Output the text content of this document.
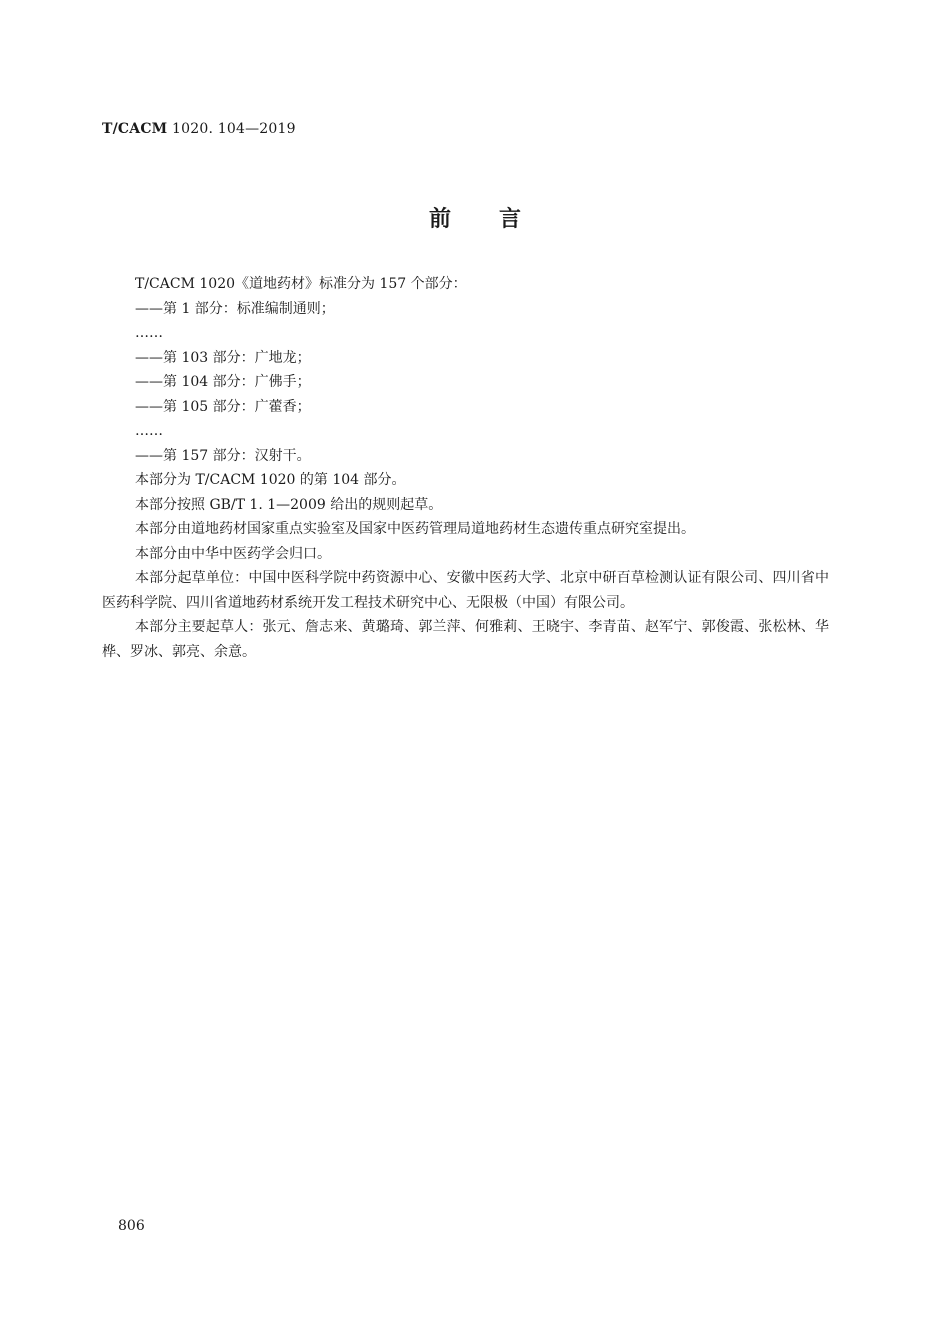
T/CACM 1020. 104—2019
前 言
T/CACM 1020《道地药材》标准分为 157 个部分：
——第 1 部分：标准编制通则；
……
——第 103 部分：广地龙；
——第 104 部分：广佛手；
——第 105 部分：广藿香；
……
——第 157 部分：汉射干。
本部分为 T/CACM 1020 的第 104 部分。
本部分按照 GB/T 1. 1—2009 给出的规则起草。
本部分由道地药材国家重点实验室及国家中医药管理局道地药材生态遗传重点研究室提出。
本部分由中华中医药学会归口。
本部分起草单位：中国中医科学院中药资源中心、安徽中医药大学、北京中研百草检测认证有限公司、四川省中医药科学院、四川省道地药材系统开发工程技术研究中心、无限极（中国）有限公司。
本部分主要起草人：张元、詹志来、黄璐琦、郭兰萍、何雅莉、王晓宇、李青苗、赵军宁、郭俊霞、张松林、华桦、罗冰、郭亮、余意。
806
